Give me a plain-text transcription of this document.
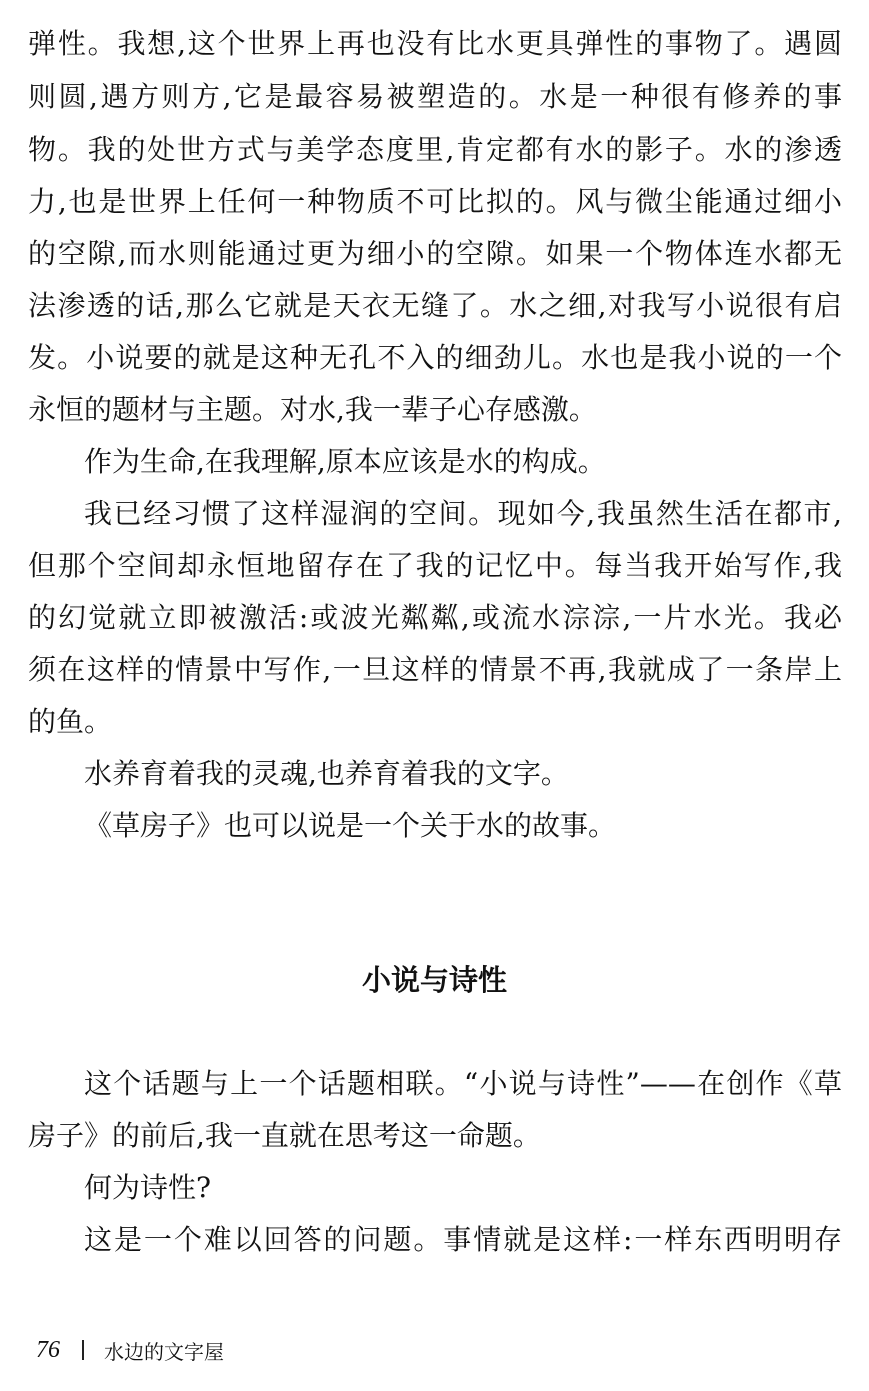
弹性。我想,这个世界上再也没有比水更具弹性的事物了。遇圆
则圆,遇方则方,它是最容易被塑造的。水是一种很有修养的事
物。我的处世方式与美学态度里,肯定都有水的影子。水的渗透
力,也是世界上任何一种物质不可比拟的。风与微尘能通过细小
的空隙,而水则能通过更为细小的空隙。如果一个物体连水都无
法渗透的话,那么它就是天衣无缝了。水之细,对我写小说很有启
发。小说要的就是这种无孔不入的细劲儿。水也是我小说的一个
永恒的题材与主题。对水,我一辈子心存感激。
作为生命,在我理解,原本应该是水的构成。
我已经习惯了这样湿润的空间。现如今,我虽然生活在都市,
但那个空间却永恒地留存在了我的记忆中。每当我开始写作,我
的幻觉就立即被激活:或波光粼粼,或流水淙淙,一片水光。我必
须在这样的情景中写作,一旦这样的情景不再,我就成了一条岸上
的鱼。
水养育着我的灵魂,也养育着我的文字。
《草房子》也可以说是一个关于水的故事。
小说与诗性
这个话题与上一个话题相联。“小说与诗性”——在创作《草
房子》的前后,我一直就在思考这一命题。
何为诗性?
这是一个难以回答的问题。事情就是这样:一样东西明明存
76 水边的文字屋
